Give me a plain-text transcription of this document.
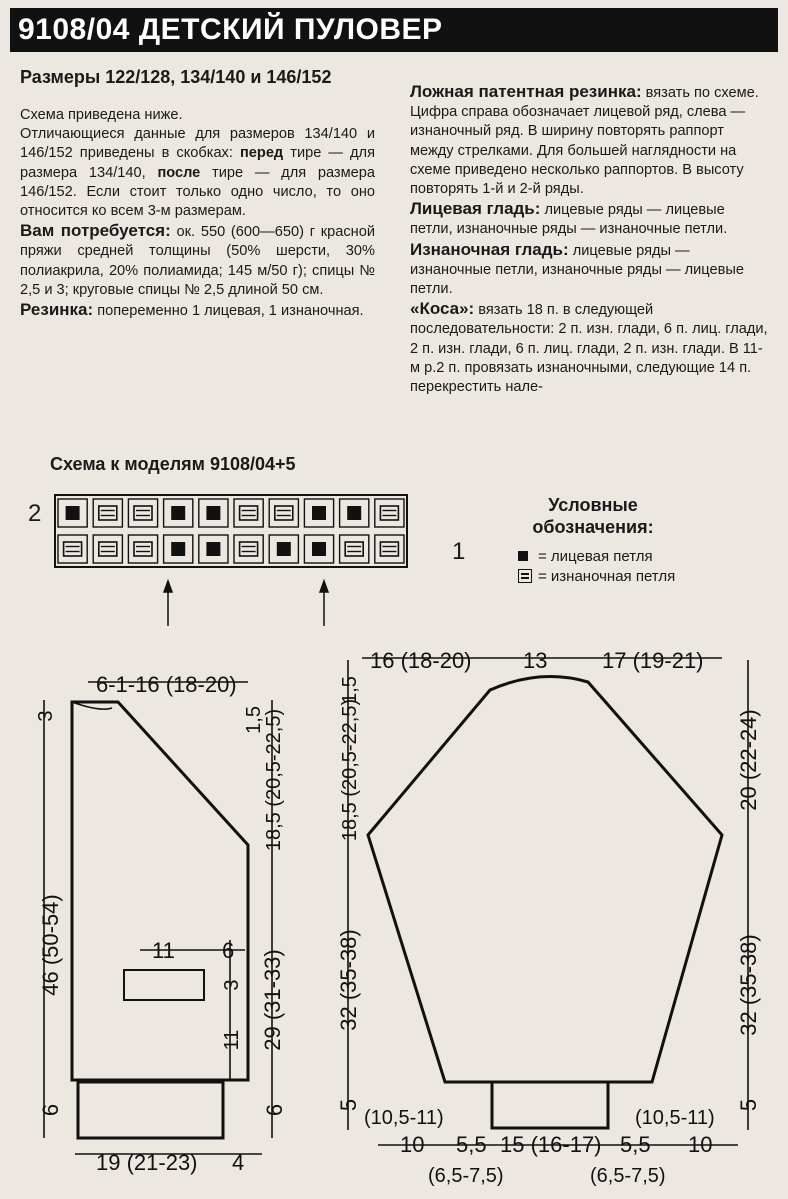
9108/04 ДЕТСКИЙ ПУЛОВЕР

Размеры 122/128, 134/140 и 146/152

Схема приведена ниже.

Отличающиеся данные для размеров 134/140 и 146/152 приведены в скобках: перед тире — для размера 134/140, после тире — для размера 146/152. Если стоит только одно число, то оно относится ко всем 3-м размерам.

Вам потребуется: ок. 550 (600—650) г красной пряжи средней толщины (50% шерсти, 30% полиакрила, 20% полиамида; 145 м/50 г); спицы № 2,5 и 3; круговые спицы № 2,5 длиной 50 см.

Резинка: попеременно 1 лицевая, 1 изнаночная.

Ложная патентная резинка: вязать по схеме. Цифра справа обозначает лицевой ряд, слева — изнаночный ряд. В ширину повторять раппорт между стрелками. Для большей наглядности на схеме приведено несколько раппортов. В высоту повторять 1-й и 2-й ряды.

Лицевая гладь: лицевые ряды — лицевые петли, изнаночные ряды — изнаночные петли.

Изнаночная гладь: лицевые ряды — изнаночные петли, изнаночные ряды — лицевые петли.

«Коса»: вязать 18 п. в следующей последовательности: 2 п. изн. глади, 6 п. лиц. глади, 2 п. изн. глади, 6 п. лиц. глади, 2 п. изн. глади. В 11-м р.2 п. провязать изнаночными, следующие 14 п. перекрестить нале-

Схема к моделям 9108/04+5
2
1
Условные обозначения:
= лицевая петля
= изнаночная петля
6-1-16 (18-20)
1,5
3	18,5 (20,5-22,5)
46 (50-54)
29 (31-33)
11 6
3
11
6	6
19 (21-23) 4
16 (18-20) 13 17 (19-21)
1,5
18,5 (20,5-22,5)
32 (35-38)
5
20 (22-24)
32 (35-38)
5
(10,5-11)	(10,5-11)
10 5,5 15 (16-17) 5,5 10
(6,5-7,5)	(6,5-7,5)
